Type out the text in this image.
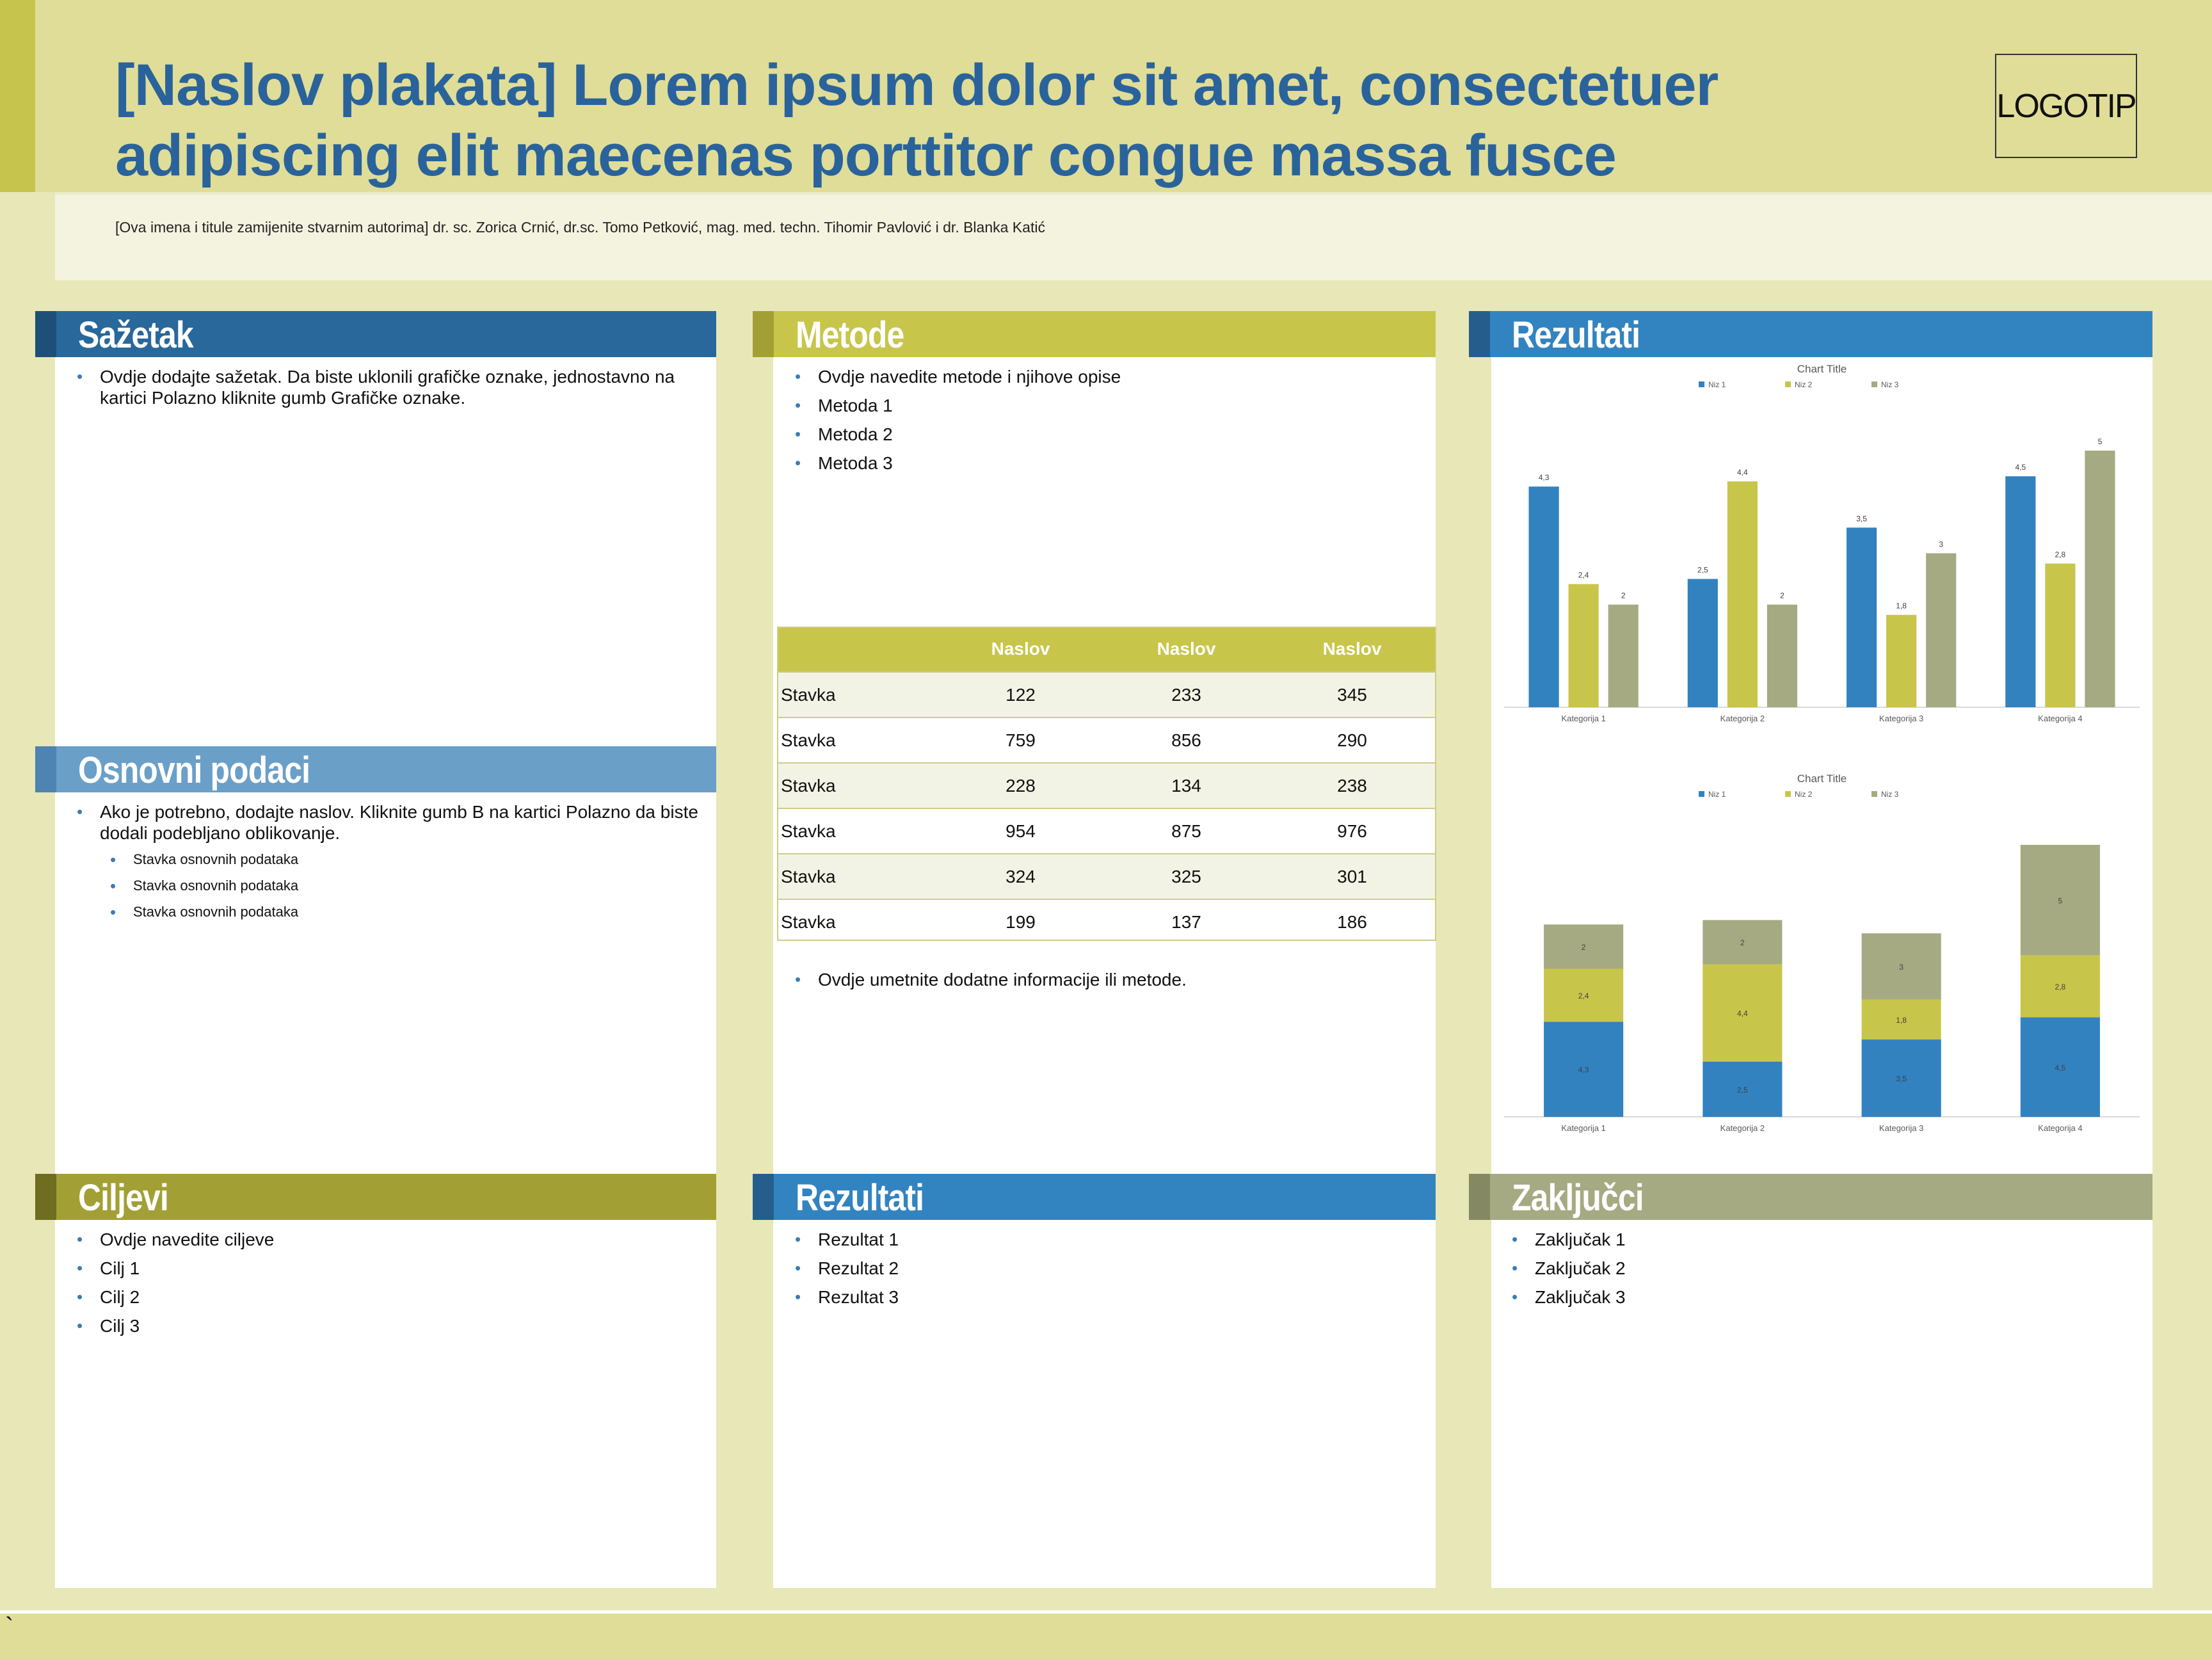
[Naslov plakata] Lorem ipsum dolor sit amet, consectetuer adipiscing elit maecenas porttitor congue massa fusce
[Ova imena i titule zamijenite stvarnim autorima] dr. sc. Zorica Crnić, dr.sc. Tomo Petković, mag. med. techn. Tihomir Pavlović i dr. Blanka Katić
LOGOTIP
Sažetak
• Ovdje dodajte sažetak. Da biste uklonili grafičke oznake, jednostavno na kartici Polazno kliknite gumb Grafičke oznake.
Osnovni podaci
• Ako je potrebno, dodajte naslov. Kliknite gumb B na kartici Polazno da biste dodali podebljano oblikovanje.
• Stavka osnovnih podataka
• Stavka osnovnih podataka
• Stavka osnovnih podataka
Ciljevi
• Ovdje navedite ciljeve
• Cilj 1
• Cilj 2
• Cilj 3
Metode
• Ovdje navedite metode i njihove opise
• Metoda 1
• Metoda 2
• Metoda 3
	Naslov	Naslov	Naslov
Stavka	122	233	345
Stavka	759	856	290
Stavka	228	134	238
Stavka	954	875	976
Stavka	324	325	301
Stavka	199	137	186
• Ovdje umetnite dodatne informacije ili metode.
Rezultati
• Rezultat 1
• Rezultat 2
• Rezultat 3
Rezultati
Chart Title
Niz 1	Niz 2	Niz 3
Kategorija 1
4,3
2,4
2
Kategorija 2
2,5
4,4
2
Kategorija 3
3,5
1,8
3
Kategorija 4
4,5
2,8
5
Chart Title
Niz 1	Niz 2	Niz 3
Kategorija 1
4,3
2,4
2
Kategorija 2
2,5
4,4
2
Kategorija 3
3,5
1,8
3
Kategorija 4
4,5
2,8
5
Zaključci
• Zaključak 1
• Zaključak 2
• Zaključak 3
`
